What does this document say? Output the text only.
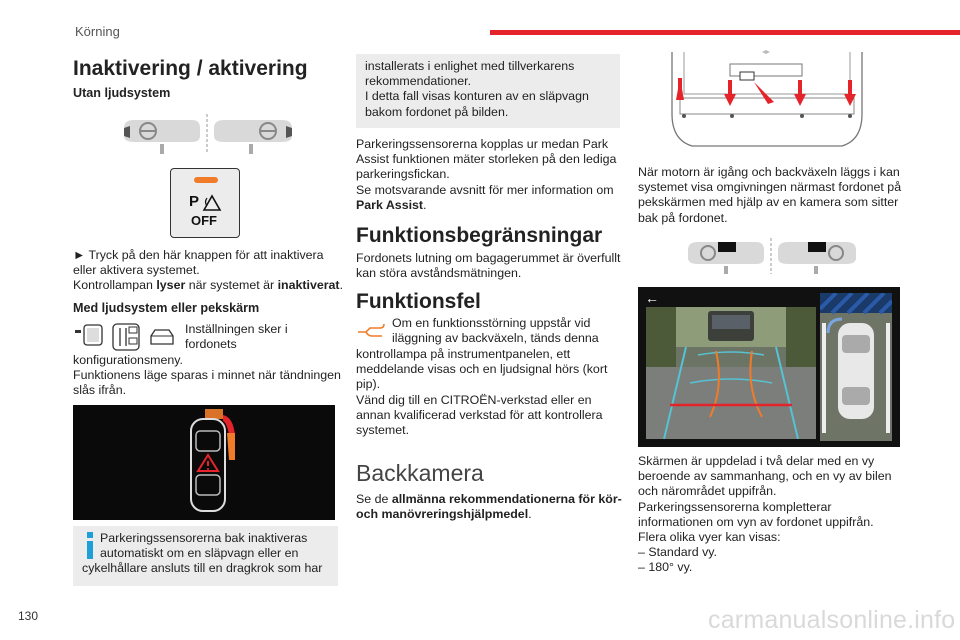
Körning
130	carmanualsonline.info
Inaktivering / aktivering
Utan ljudsystem
P
OFF
► Tryck på den här knappen för att inaktivera
eller aktivera systemet.
Kontrollampan lyser när systemet är inaktiverat.
Med ljudsystem eller pekskärm
Inställningen sker i
fordonets
konfigurationsmeny.
Funktionens läge sparas i minnet när tändningen
slås ifrån.
Parkeringssensorerna bak inaktiveras
automatiskt om en släpvagn eller en
cykelhållare ansluts till en dragkrok som har
installerats i enlighet med tillverkarens
rekommendationer.
I detta fall visas konturen av en släpvagn
bakom fordonet på bilden.
Parkeringssensorerna kopplas ur medan Park
Assist funktionen mäter storleken på den lediga
parkeringsfickan.
Se motsvarande avsnitt för mer information om
Park Assist.
Funktionsbegränsningar
Fordonets lutning om bagagerummet är överfullt
kan störa avståndsmätningen.
Funktionsfel
Om en funktionsstörning uppstår vid
iläggning av backväxeln, tänds denna
kontrollampa på instrumentpanelen, ett
meddelande visas och en ljudsignal hörs (kort
pip).
Vänd dig till en CITROËN-verkstad eller en
annan kvalificerad verkstad för att kontrollera
systemet.
Backkamera
Se de allmänna rekommendationerna för kör-
och manövreringshjälpmedel.
När motorn är igång och backväxeln läggs i kan
systemet visa omgivningen närmast fordonet på
pekskärmen med hjälp av en kamera som sitter
bak på fordonet.
←
Skärmen är uppdelad i två delar med en vy
beroende av sammanhang, och en vy av bilen
och närområdet uppifrån.
Parkeringssensorerna kompletterar
informationen om vyn av fordonet uppifrån.
Flera olika vyer kan visas:
– Standard vy.
– 180° vy.
